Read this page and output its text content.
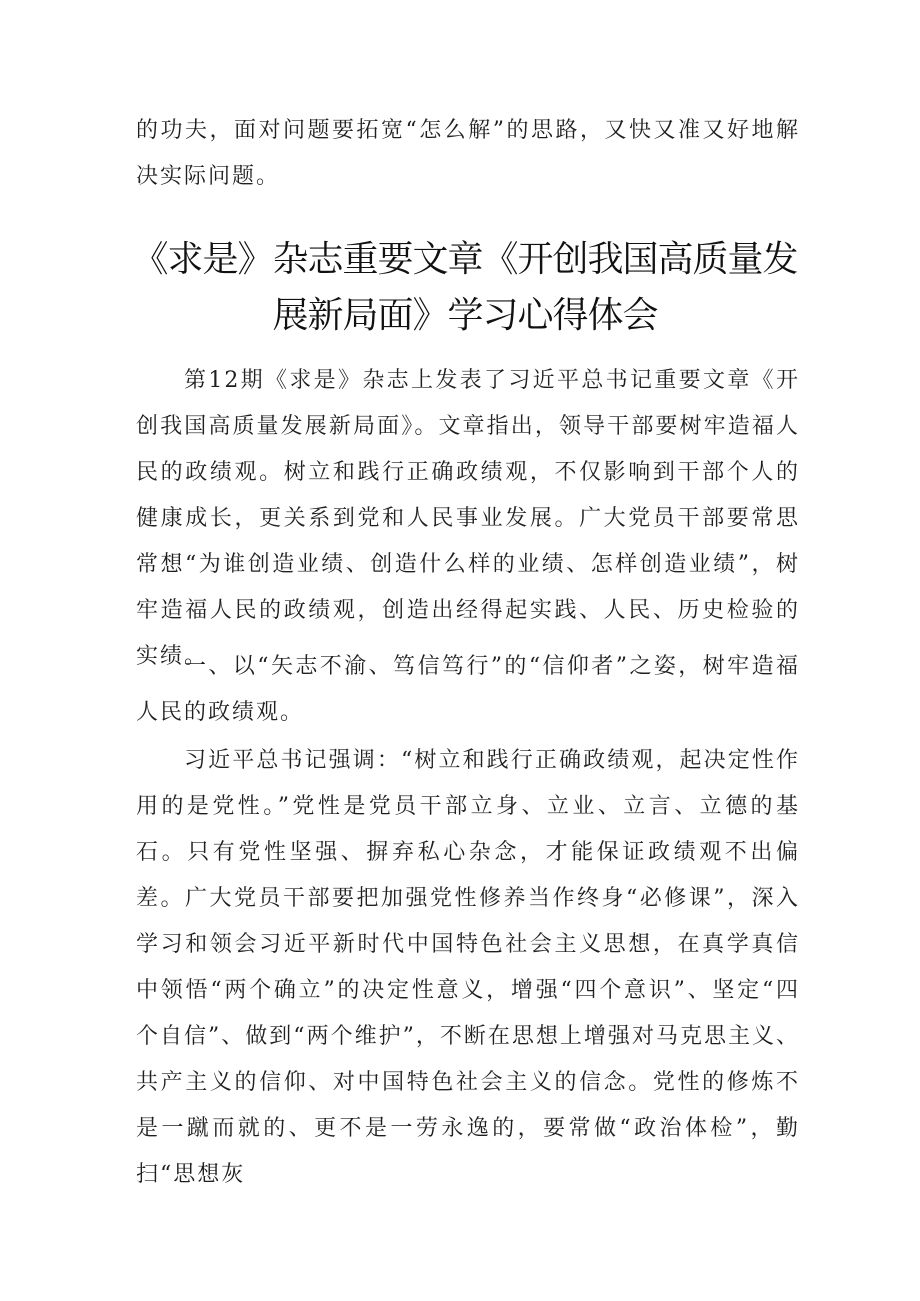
的功夫，面对问题要拓宽“怎么解”的思路，又快又准又好地解决实际问题。

《求是》杂志重要文章《开创我国高质量发展新局面》学习心得体会

第12期《求是》杂志上发表了习近平总书记重要文章《开创我国高质量发展新局面》。文章指出，领导干部要树牢造福人民的政绩观。树立和践行正确政绩观，不仅影响到干部个人的健康成长，更关系到党和人民事业发展。广大党员干部要常思常想“为谁创造业绩、创造什么样的业绩、怎样创造业绩”，树牢造福人民的政绩观，创造出经得起实践、人民、历史检验的实绩。

一、以“矢志不渝、笃信笃行”的“信仰者”之姿，树牢造福人民的政绩观。

习近平总书记强调：“树立和践行正确政绩观，起决定性作用的是党性。”党性是党员干部立身、立业、立言、立德的基石。只有党性坚强、摒弃私心杂念，才能保证政绩观不出偏差。广大党员干部要把加强党性修养当作终身“必修课”，深入学习和领会习近平新时代中国特色社会主义思想，在真学真信中领悟“两个确立”的决定性意义，增强“四个意识”、坚定“四个自信”、做到“两个维护”，不断在思想上增强对马克思主义、共产主义的信仰、对中国特色社会主义的信念。党性的修炼不是一蹴而就的、更不是一劳永逸的，要常做“政治体检”，勤扫“思想灰
